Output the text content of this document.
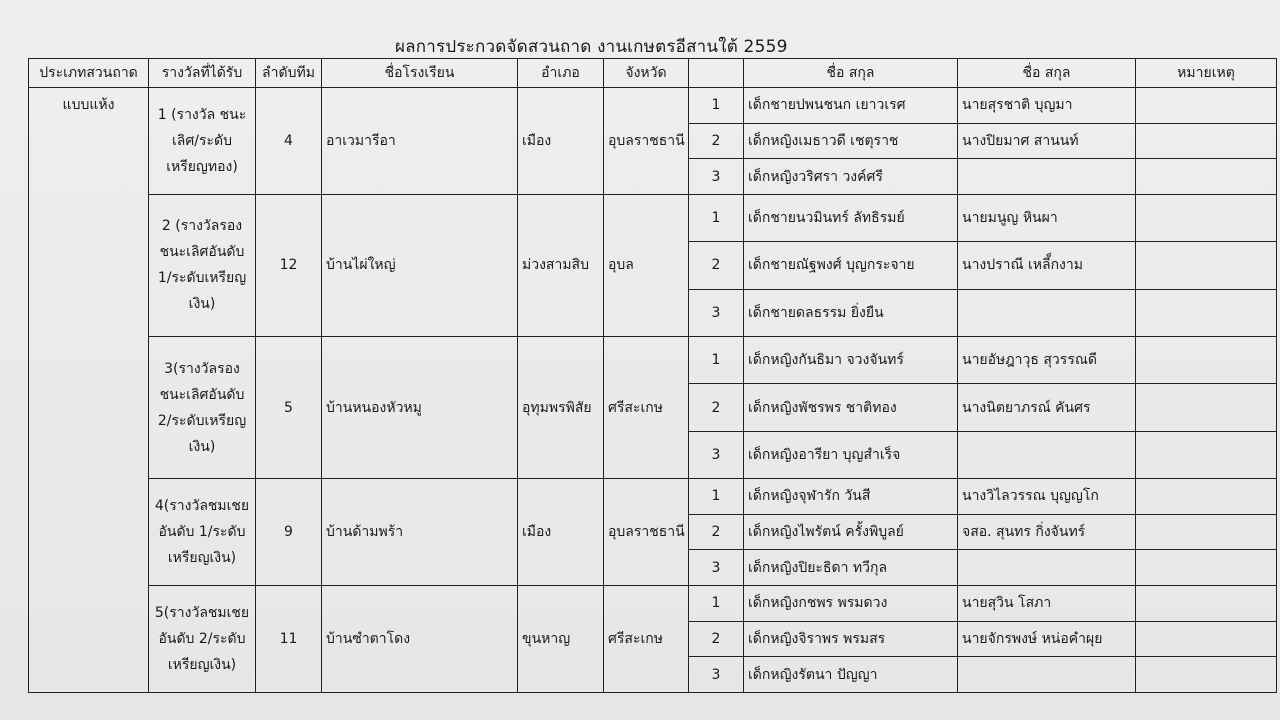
ผลการประกวดจัดสวนถาด งานเกษตรอีสานใต้ 2559
ประเภทสวนถาด	รางวัลที่ได้รับ	ลำดับทีม	ชื่อโรงเรียน	อำเภอ	จังหวัด		ชื่อ สกุล	ชื่อ สกุล	หมายเหตุ
แบบแห้ง	1 (รางวัล ชนะเลิศ/ระดับ เหรียญทอง)	4	อาเวมารีอา	เมือง	อุบลราชธานี	1	เด็กชายปพนชนก เยาวเรศ	นายสุรชาติ บุญมา	
						2	เด็กหญิงเมธาวดี เชตุราช	นางปิยมาศ สานนท์	
						3	เด็กหญิงวริศรา วงค์ศรี		
	2 (รางวัลรอง ชนะเลิศอันดับ 1/ระดับเหรียญ เงิน)	12	บ้านไผ่ใหญ่	ม่วงสามสิบ	อุบล	1	เด็กชายนวมินทร์ ลัทธิรมย์	นายมนูญ หินผา	
						2	เด็กชายณัฐพงศ์ บุญกระจาย	นางปราณี เหลี็กงาม	
						3	เด็กชายดลธรรม ยิ่งยืน		
	3(รางวัลรอง ชนะเลิศอันดับ 2/ระดับเหรียญ เงิน)	5	บ้านหนองหัวหมู	อุทุมพรพิสัย	ศรีสะเกษ	1	เด็กหญิงกันธิมา จวงจันทร์	นายอัษฎาวุธ สุวรรณดี	
						2	เด็กหญิงพัชรพร ชาติทอง	นางนิตยาภรณ์ คันศร	
						3	เด็กหญิงอารียา บุญสำเร็จ		
	4(รางวัลชมเชย อันดับ 1/ระดับ เหรียญเงิน)	9	บ้านด้ามพร้า	เมือง	อุบลราชธานี	1	เด็กหญิงจุฬารัก วันสี	นางวิไลวรรณ บุญญโก	
						2	เด็กหญิงไพรัตน์ ครั้งพิบูลย์	จสอ. สุนทร กิ่งจันทร์	
						3	เด็กหญิงปิยะธิดา ทวีกุล		
	5(รางวัลชมเชย อันดับ 2/ระดับ เหรียญเงิน)	11	บ้านซำตาโดง	ขุนหาญ	ศรีสะเกษ	1	เด็กหญิงกชพร พรมดวง	นายสุวิน โสภา	
						2	เด็กหญิงจิราพร พรมสร	นายจักรพงษ์ หน่อคำผุย	
						3	เด็กหญิงรัตนา ปัญญา		
